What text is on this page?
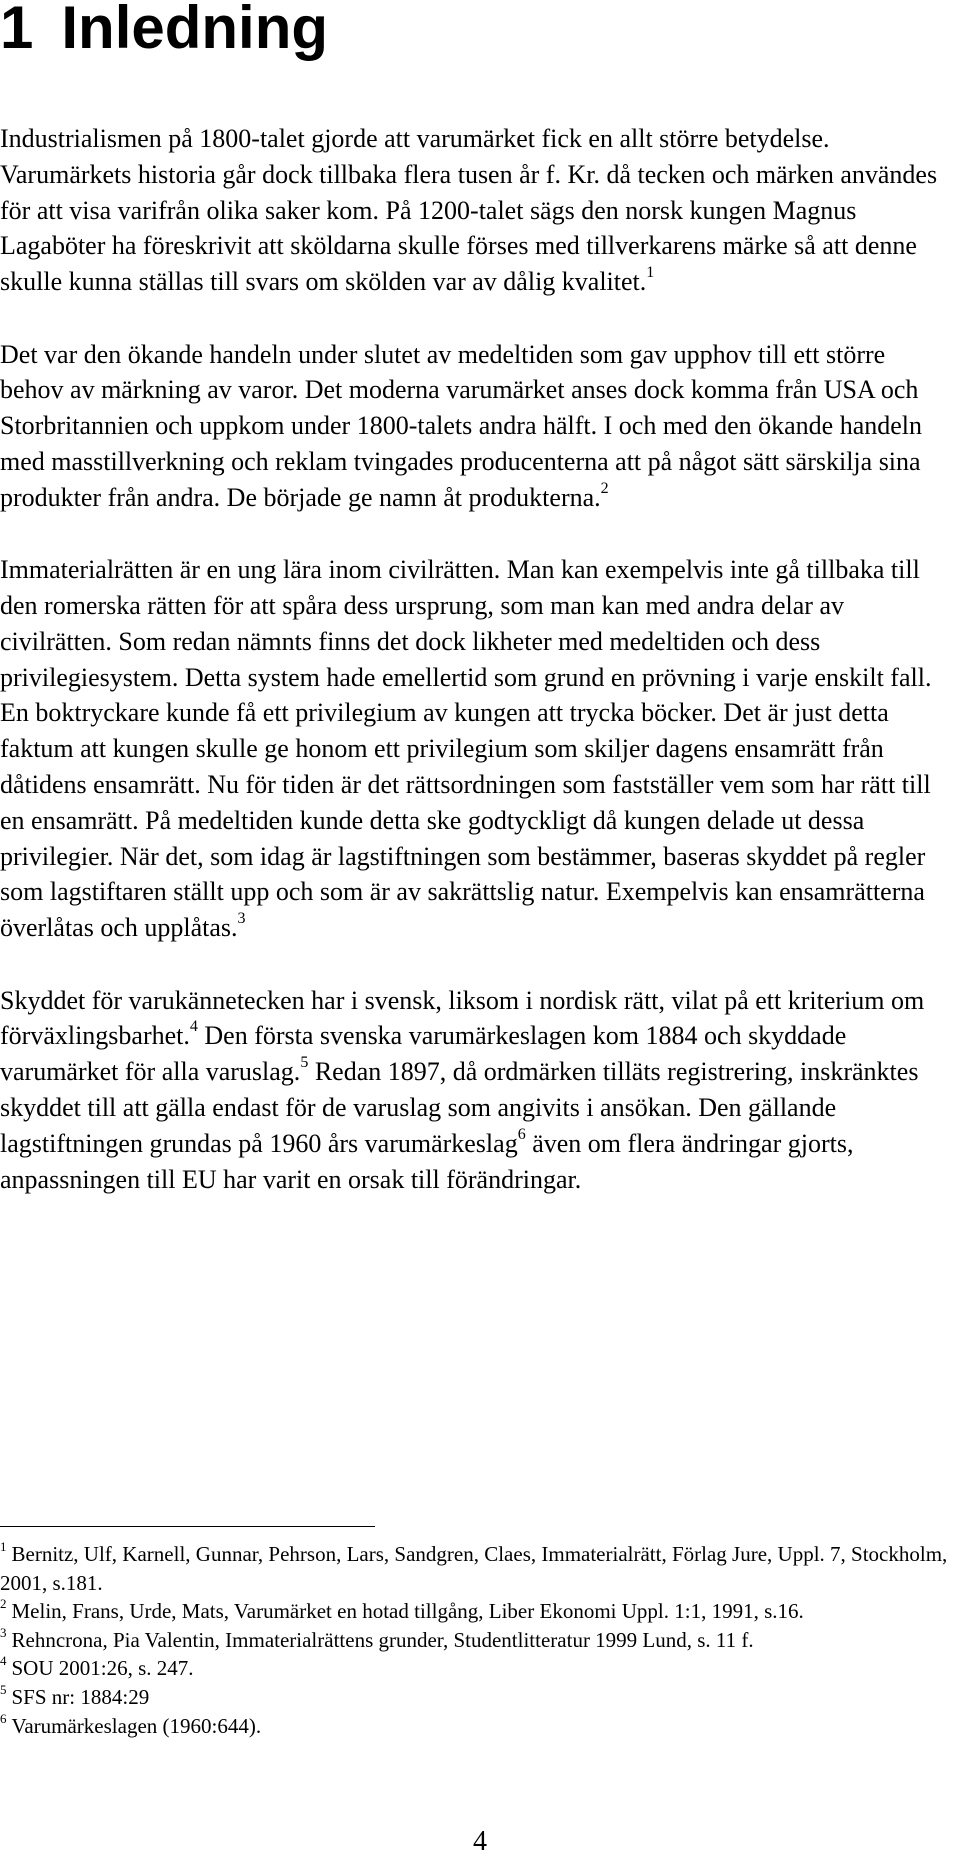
1 Inledning

Industrialismen på 1800-talet gjorde att varumärket fick en allt större betydelse. Varumärkets historia går dock tillbaka flera tusen år f. Kr. då tecken och märken användes för att visa varifrån olika saker kom. På 1200-talet sägs den norsk kungen Magnus Lagaböter ha föreskrivit att sköldarna skulle förses med tillverkarens märke så att denne skulle kunna ställas till svars om skölden var av dålig kvalitet.$^1$

Det var den ökande handeln under slutet av medeltiden som gav upphov till ett större behov av märkning av varor. Det moderna varumärket anses dock komma från USA och Storbritannien och uppkom under 1800-talets andra hälft. I och med den ökande handeln med masstillverkning och reklam tvingades producenterna att på något sätt särskilja sina produkter från andra. De började ge namn åt produkterna.$^2$

Immaterialrätten är en ung lära inom civilrätten. Man kan exempelvis inte gå tillbaka till den romerska rätten för att spåra dess ursprung, som man kan med andra delar av civilrätten. Som redan nämnts finns det dock likheter med medeltiden och dess privilegiesystem. Detta system hade emellertid som grund en prövning i varje enskilt fall. En boktryckare kunde få ett privilegium av kungen att trycka böcker. Det är just detta faktum att kungen skulle ge honom ett privilegium som skiljer dagens ensamrätt från dåtidens ensamrätt. Nu för tiden är det rättsordningen som fastställer vem som har rätt till en ensamrätt. På medeltiden kunde detta ske godtyckligt då kungen delade ut dessa privilegier. När det, som idag är lagstiftningen som bestämmer, baseras skyddet på regler som lagstiftaren ställt upp och som är av sakrättslig natur. Exempelvis kan ensamrätterna överlåtas och upplåtas.$^3$

Skyddet för varukännetecken har i svensk, liksom i nordisk rätt, vilat på ett kriterium om förväxlingsbarhet.$^4$ Den första svenska varumärkeslagen kom 1884 och skyddade varumärket för alla varuslag.$^5$ Redan 1897, då ordmärken tilläts registrering, inskränktes skyddet till att gälla endast för de varuslag som angivits i ansökan. Den gällande lagstiftningen grundas på 1960 års varumärkeslag$^6$ även om flera ändringar gjorts, anpassningen till EU har varit en orsak till förändringar.

$^1$ Bernitz, Ulf, Karnell, Gunnar, Pehrson, Lars, Sandgren, Claes, Immaterialrätt, Förlag Jure, Uppl. 7, Stockholm, 2001, s.181.

$^2$ Melin, Frans, Urde, Mats, Varumärket en hotad tillgång, Liber Ekonomi Uppl. 1:1, 1991, s.16.

$^3$ Rehncrona, Pia Valentin, Immaterialrättens grunder, Studentlitteratur 1999 Lund, s. 11 f.

$^4$ SOU 2001:26, s. 247.

$^5$ SFS nr: 1884:29

$^6$ Varumärkeslagen (1960:644).

4
